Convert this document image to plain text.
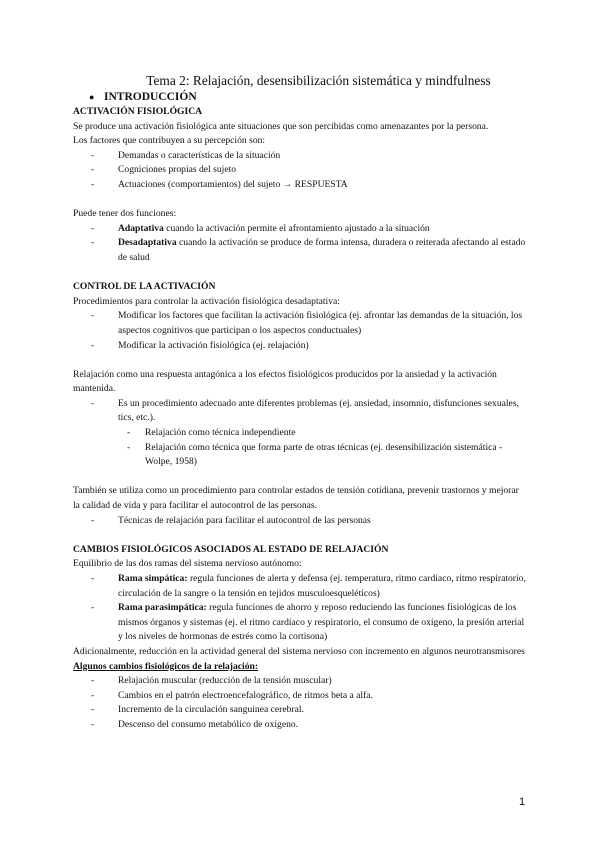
Tema 2: Relajación, desensibilización sistemática y mindfulness
● INTRODUCCIÓN

ACTIVACIÓN FISIOLÓGICA

Se produce una activación fisiológica ante situaciones que son percibidas como amenazantes por la persona.

Los factores que contribuyen a su percepción son:

- Demandas o características de la situación
- Cogniciones propias del sujeto
- Actuaciones (comportamientos) del sujeto → RESPUESTA

Puede tener dos funciones:

- Adaptativa cuando la activación permite el afrontamiento ajustado a la situación
- Desadaptativa cuando la activación se produce de forma intensa, duradera o reiterada afectando al estado de salud

CONTROL DE LA ACTIVACIÓN

Procedimientos para controlar la activación fisiológica desadaptativa:

- Modificar los factores que facilitan la activación fisiológica (ej. afrontar las demandas de la situación, los aspectos cognitivos que participan o los aspectos conductuales)
- Modificar la activación fisiológica (ej. relajación)

Relajación como una respuesta antagónica a los efectos fisiológicos producidos por la ansiedad y la activación mantenida.

- Es un procedimiento adecuado ante diferentes problemas (ej. ansiedad, insomnio, disfunciones sexuales, tics, etc.).
- Relajación como técnica independiente
- Relajación como técnica que forma parte de otras técnicas (ej. desensibilización sistemática -Wolpe, 1958)

También se utiliza como un procedimiento para controlar estados de tensión cotidiana, prevenir trastornos y mejorar la calidad de vida y para facilitar el autocontrol de las personas.

- Técnicas de relajación para facilitar el autocontrol de las personas

CAMBIOS FISIOLÓGICOS ASOCIADOS AL ESTADO DE RELAJACIÓN

Equilibrio de las dos ramas del sistema nervioso autónomo:

- Rama simpática: regula funciones de alerta y defensa (ej. temperatura, ritmo cardíaco, ritmo respiratorio, circulación de la sangre o la tensión en tejidos musculoesqueléticos)
- Rama parasimpática: regula funciones de ahorro y reposo reduciendo las funciones fisiológicas de los mismos órganos y sistemas (ej. el ritmo cardíaco y respiratorio, el consumo de oxígeno, la presión arterial y los niveles de hormonas de estrés como la cortisona)

Adicionalmente, reducción en la actividad general del sistema nervioso con incremento en algunos neurotransmisores

Algunos cambios fisiológicos de la relajación:

- Relajación muscular (reducción de la tensión muscular)
- Cambios en el patrón electroencefalográfico, de ritmos beta a alfa.
- Incremento de la circulación sanguínea cerebral.
- Descenso del consumo metabólico de oxígeno.
1
